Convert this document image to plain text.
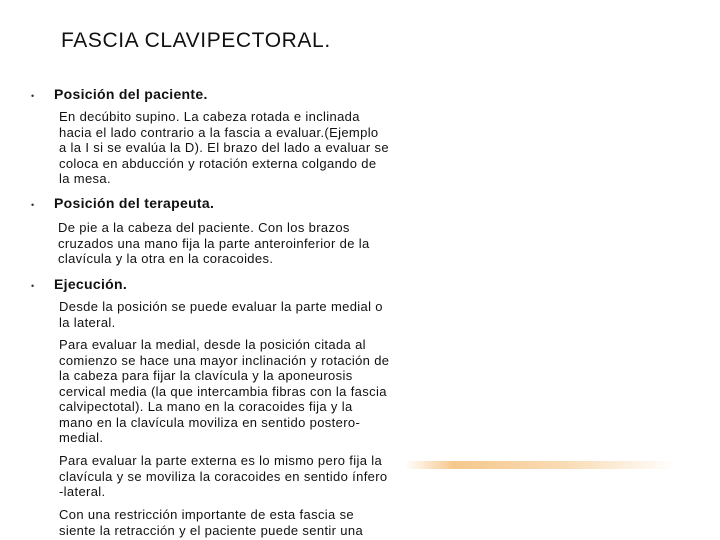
FASCIA CLAVIPECTORAL.
• Posición del paciente.
En decúbito supino. La cabeza rotada e inclinada
hacia el lado contrario a la fascia a evaluar.(Ejemplo
a la I si se evalúa la D). El brazo del lado a evaluar se
coloca en abducción y rotación externa colgando de
la mesa.
• Posición del terapeuta.
De pie a la cabeza del paciente. Con los brazos
cruzados una mano fija la parte anteroinferior de la
clavícula y la otra en la coracoides.
• Ejecución.
Desde la posición se puede evaluar la parte medial o
la lateral.
Para evaluar la medial, desde la posición citada al
comienzo se hace una mayor inclinación y rotación de
la cabeza para fijar la clavícula y la aponeurosis
cervical media (la que intercambia fibras con la fascia
calvipectotal). La mano en la coracoides fija y la
mano en la clavícula moviliza en sentido postero-
medial.
Para evaluar la parte externa es lo mismo pero fija la
clavícula y se moviliza la coracoides en sentido ínfero
-lateral.
Con una restricción importante de esta fascia se
siente la retracción y el paciente puede sentir una
